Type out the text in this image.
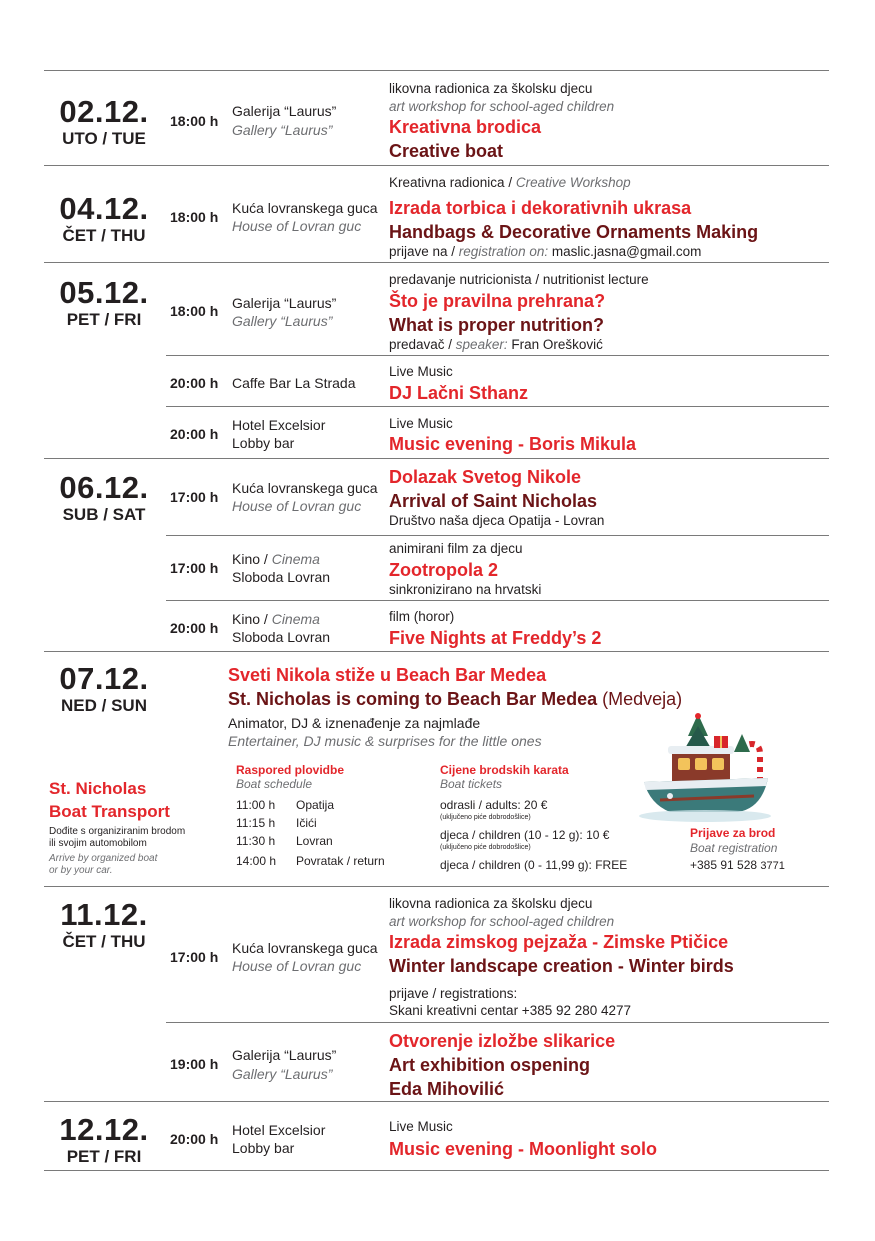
02.12.
UTO / TUE
18:00 h
Galerija “Laurus”
Gallery “Laurus”
likovna radionica za školsku djecu
art workshop for school-aged children
Kreativna brodica
Creative boat
04.12.
ČET / THU
18:00 h
Kuća lovranskega guca
House of Lovran guc
Kreativna radionica / Creative Workshop
Izrada torbica i dekorativnih ukrasa
Handbags & Decorative Ornaments Making
prijave na / registration on: maslic.jasna@gmail.com
05.12.
PET / FRI	18:00 h Galerija “Laurus”
Gallery “Laurus”
predavanje nutricionista / nutritionist lecture
Što je pravilna prehrana?
What is proper nutrition?
predavač / speaker: Fran Orešković
20:00 h Caffe Bar La Strada
Live Music
DJ Lačni Sthanz
20:00 h
Hotel Excelsior
Lobby bar
Live Music
Music evening - Boris Mikula
06.12.
SUB / SAT
17:00 h
Kuća lovranskega guca
House of Lovran guc
Dolazak Svetog Nikole
Arrival of Saint Nicholas
Društvo naša djeca Opatija - Lovran
17:00 h
Kino / Cinema
Sloboda Lovran
animirani film za djecu
Zootropola 2
sinkronizirano na hrvatski
20:00 h
Kino / Cinema
Sloboda Lovran
film (horor)
Five Nights at Freddy’s 2
07.12.
NED / SUN
Sveti Nikola stiže u Beach Bar Medea
St. Nicholas is coming to Beach Bar Medea (Medveja)
Animator, DJ & iznenađenje za najmlađe
Entertainer, DJ music & surprises for the little ones
St. Nicholas
Boat Transport
Dođite s organiziranim brodom
ili svojim automobilom
Arrive by organized boat
or by your car.
Raspored plovidbe
Boat schedule
11:00 h Opatija
11:15 h Ičići
11:30 h Lovran
14:00 h Povratak / return
Cijene brodskih karata
Boat tickets
odrasli / adults: 20 €
(uključeno piće dobrodošlice)
djeca / children (10 - 12 g): 10 €
(uključeno piće dobrodošlice)
djeca / children (0 - 11,99 g): FREE
Prijave za brod
Boat registration
+385 91 528 3771
11.12.
ČET / THU
17:00 h
Kuća lovranskega guca
House of Lovran guc
likovna radionica za školsku djecu
art workshop for school-aged children
Izrada zimskog pejzaža - Zimske Ptičice
Winter landscape creation - Winter birds
prijave / registrations:
Skani kreativni centar +385 92 280 4277
19:00 h
Galerija “Laurus”
Gallery “Laurus”
Otvorenje izložbe slikarice
Art exhibition ospening
Eda Mihovilić
12.12.
PET / FRI
20:00 h
Hotel Excelsior
Lobby bar
Live Music
Music evening - Moonlight solo
